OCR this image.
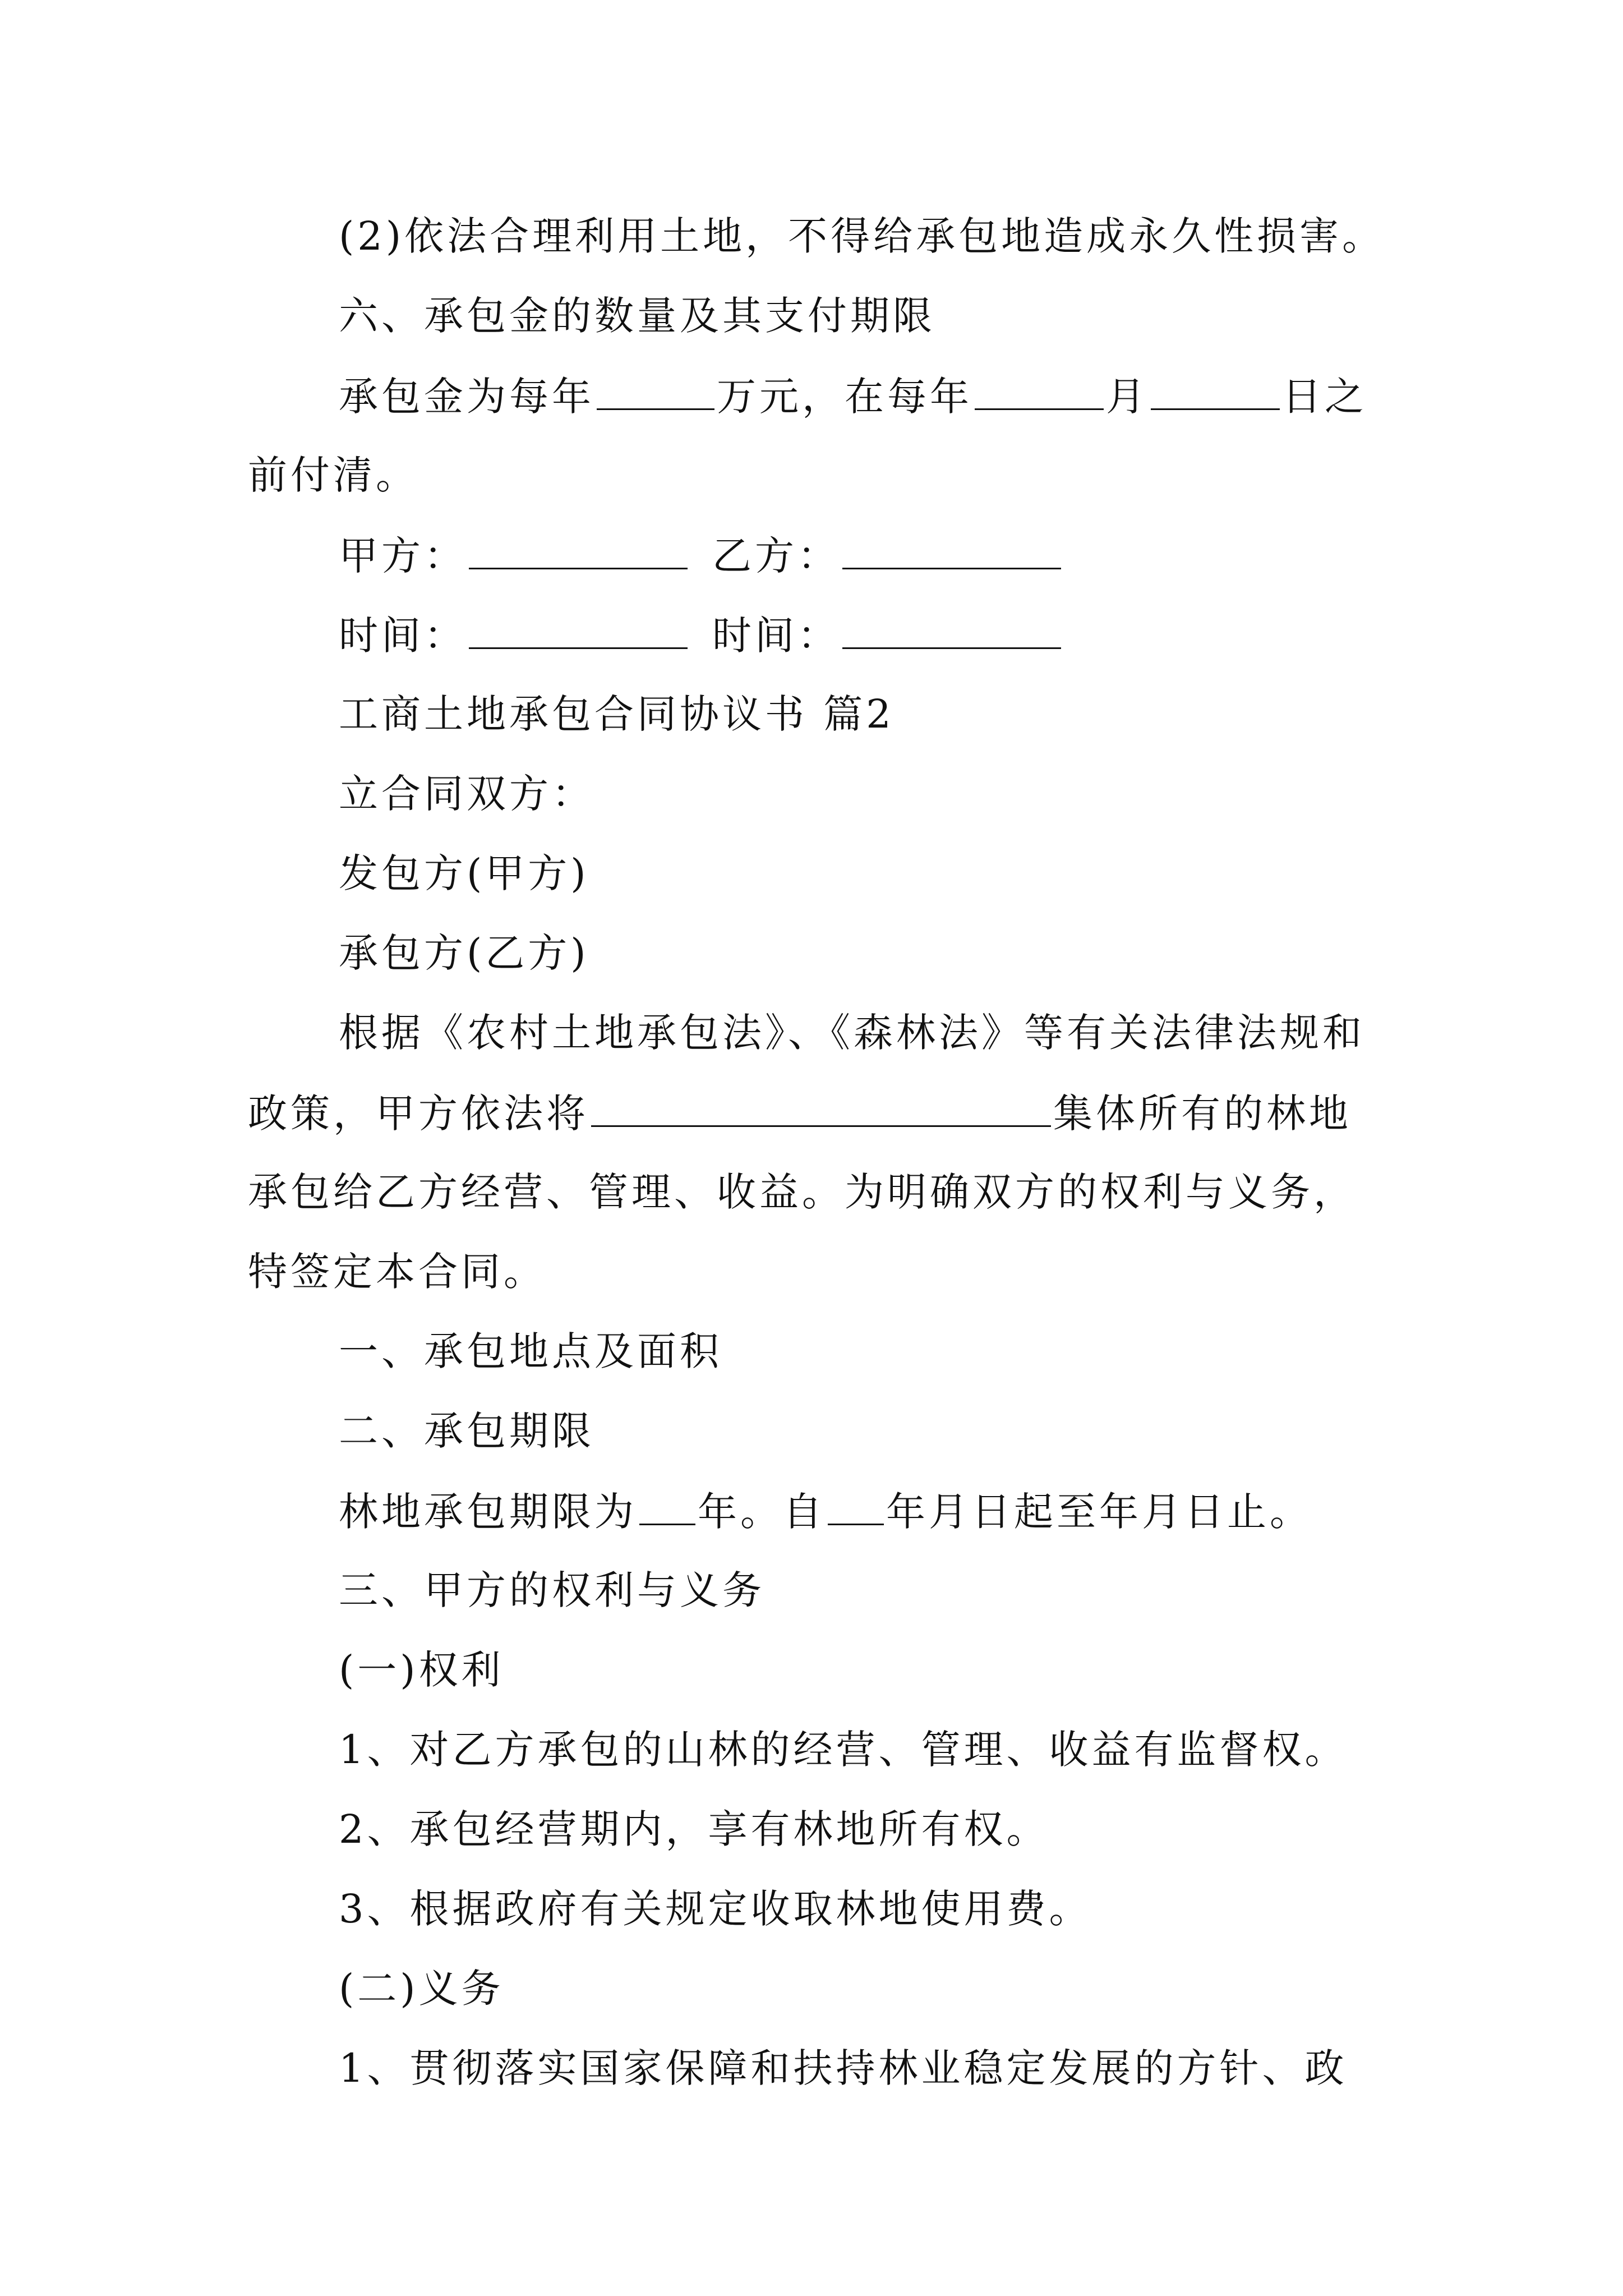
(2)依法合理利用土地，不得给承包地造成永久性损害。
六、承包金的数量及其支付期限
承包金为每年	万元，在每年	月	日之
前付清。
甲方：	乙方：
时间：	时间：
工商土地承包合同协议书 篇2
立合同双方：
发包方(甲方)
承包方(乙方)
根据《农村土地承包法》、《森林法》等有关法律法规和
政策，甲方依法将	集体所有的林地
承包给乙方经营、管理、收益。为明确双方的权利与义务，
特签定本合同。
一、承包地点及面积
二、承包期限
林地承包期限为 年。自 年月日起至年月日止。
三、甲方的权利与义务
(一)权利
1、对乙方承包的山林的经营、管理、收益有监督权。
2、承包经营期内，享有林地所有权。
3、根据政府有关规定收取林地使用费。
(二)义务
1、贯彻落实国家保障和扶持林业稳定发展的方针、政
